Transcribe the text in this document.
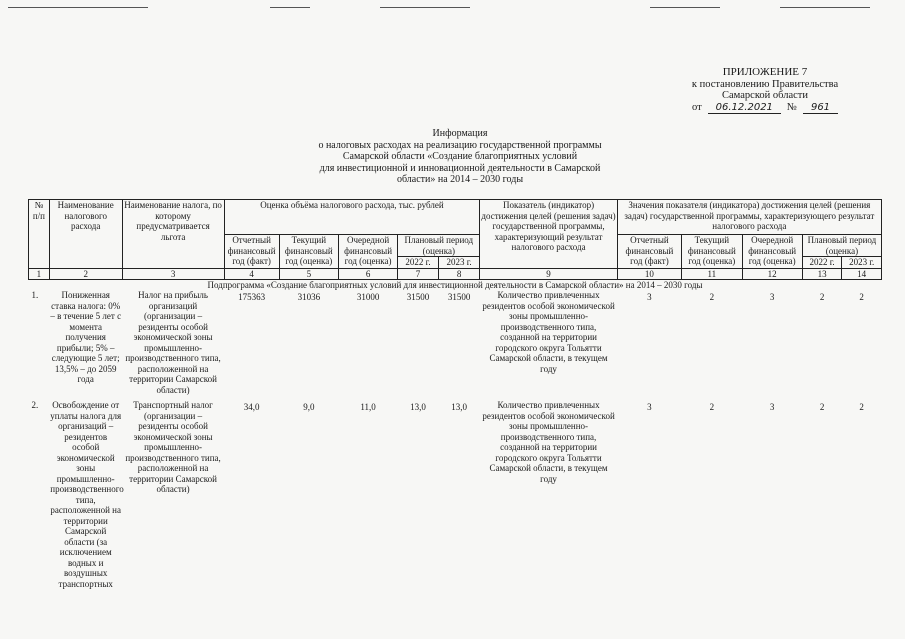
ПРИЛОЖЕНИЕ 7
к постановлению Правительства
Самарской области
от	06.12.2021	№	961
Информация
о налоговых расходах на реализацию государственной программы
Самарской области «Создание благоприятных условий
для инвестиционной и инновационной деятельности в Самарской
области» на 2014 – 2030 годы
№ п/п	Наименование налогового расхода	Наименование налога, по которому предусматривается льгота	Оценка объёма налогового расхода, тыс. рублей					Показатель (индикатор) достижения целей (решения задач) государственной программы, характеризующий результат налогового расхода	Значения показателя (индикатора) достижения целей (решения задач) государственной программы, характеризующего результат налогового расхода				
			Отчетный финансовый год (факт)	Текущий финансовый год (оценка)	Очередной финансовый год (оценка)	Плановый период (оценка)			Отчетный финансовый год (факт)	Текущий финансовый год (оценка)	Очередной финансовый год (оценка)	Плановый период (оценка)	
						2022 г.	2023 г.					2022 г.	2023 г.
1	2	3	4	5	6	7	8	9	10	11	12	13	14
Подпрограмма «Создание благоприятных условий для инвестиционной деятельности в Самарской области» на 2014 – 2030 годы													
1.	Пониженная ставка налога: 0% – в течение 5 лет с момента получения прибыли; 5% – следующие 5 лет; 13,5% – до 2059 года	Налог на прибыль организаций (организации – резиденты особой экономической зоны промышленно-производственного типа, расположенной на территории Самарской области)	175363	31036	31000	31500	31500	Количество привлеченных резидентов особой экономической зоны промышленно-производственного типа, созданной на территории городского округа Тольятти Самарской области, в текущем году	3	2	3	2	2

2.	Освобождение от уплаты налога для организаций – резидентов особой экономической зоны промышленно-производственного типа, расположенной на территории Самарской области (за исключением водных и воздушных транспортных	Транспортный налог (организации – резиденты особой экономической зоны промышленно-производственного типа, расположенной на территории Самарской области)	34,0	9,0	11,0	13,0	13,0	Количество привлеченных резидентов особой экономической зоны промышленно-производственного типа, созданной на территории городского округа Тольятти Самарской области, в текущем году	3	2	3	2	2
